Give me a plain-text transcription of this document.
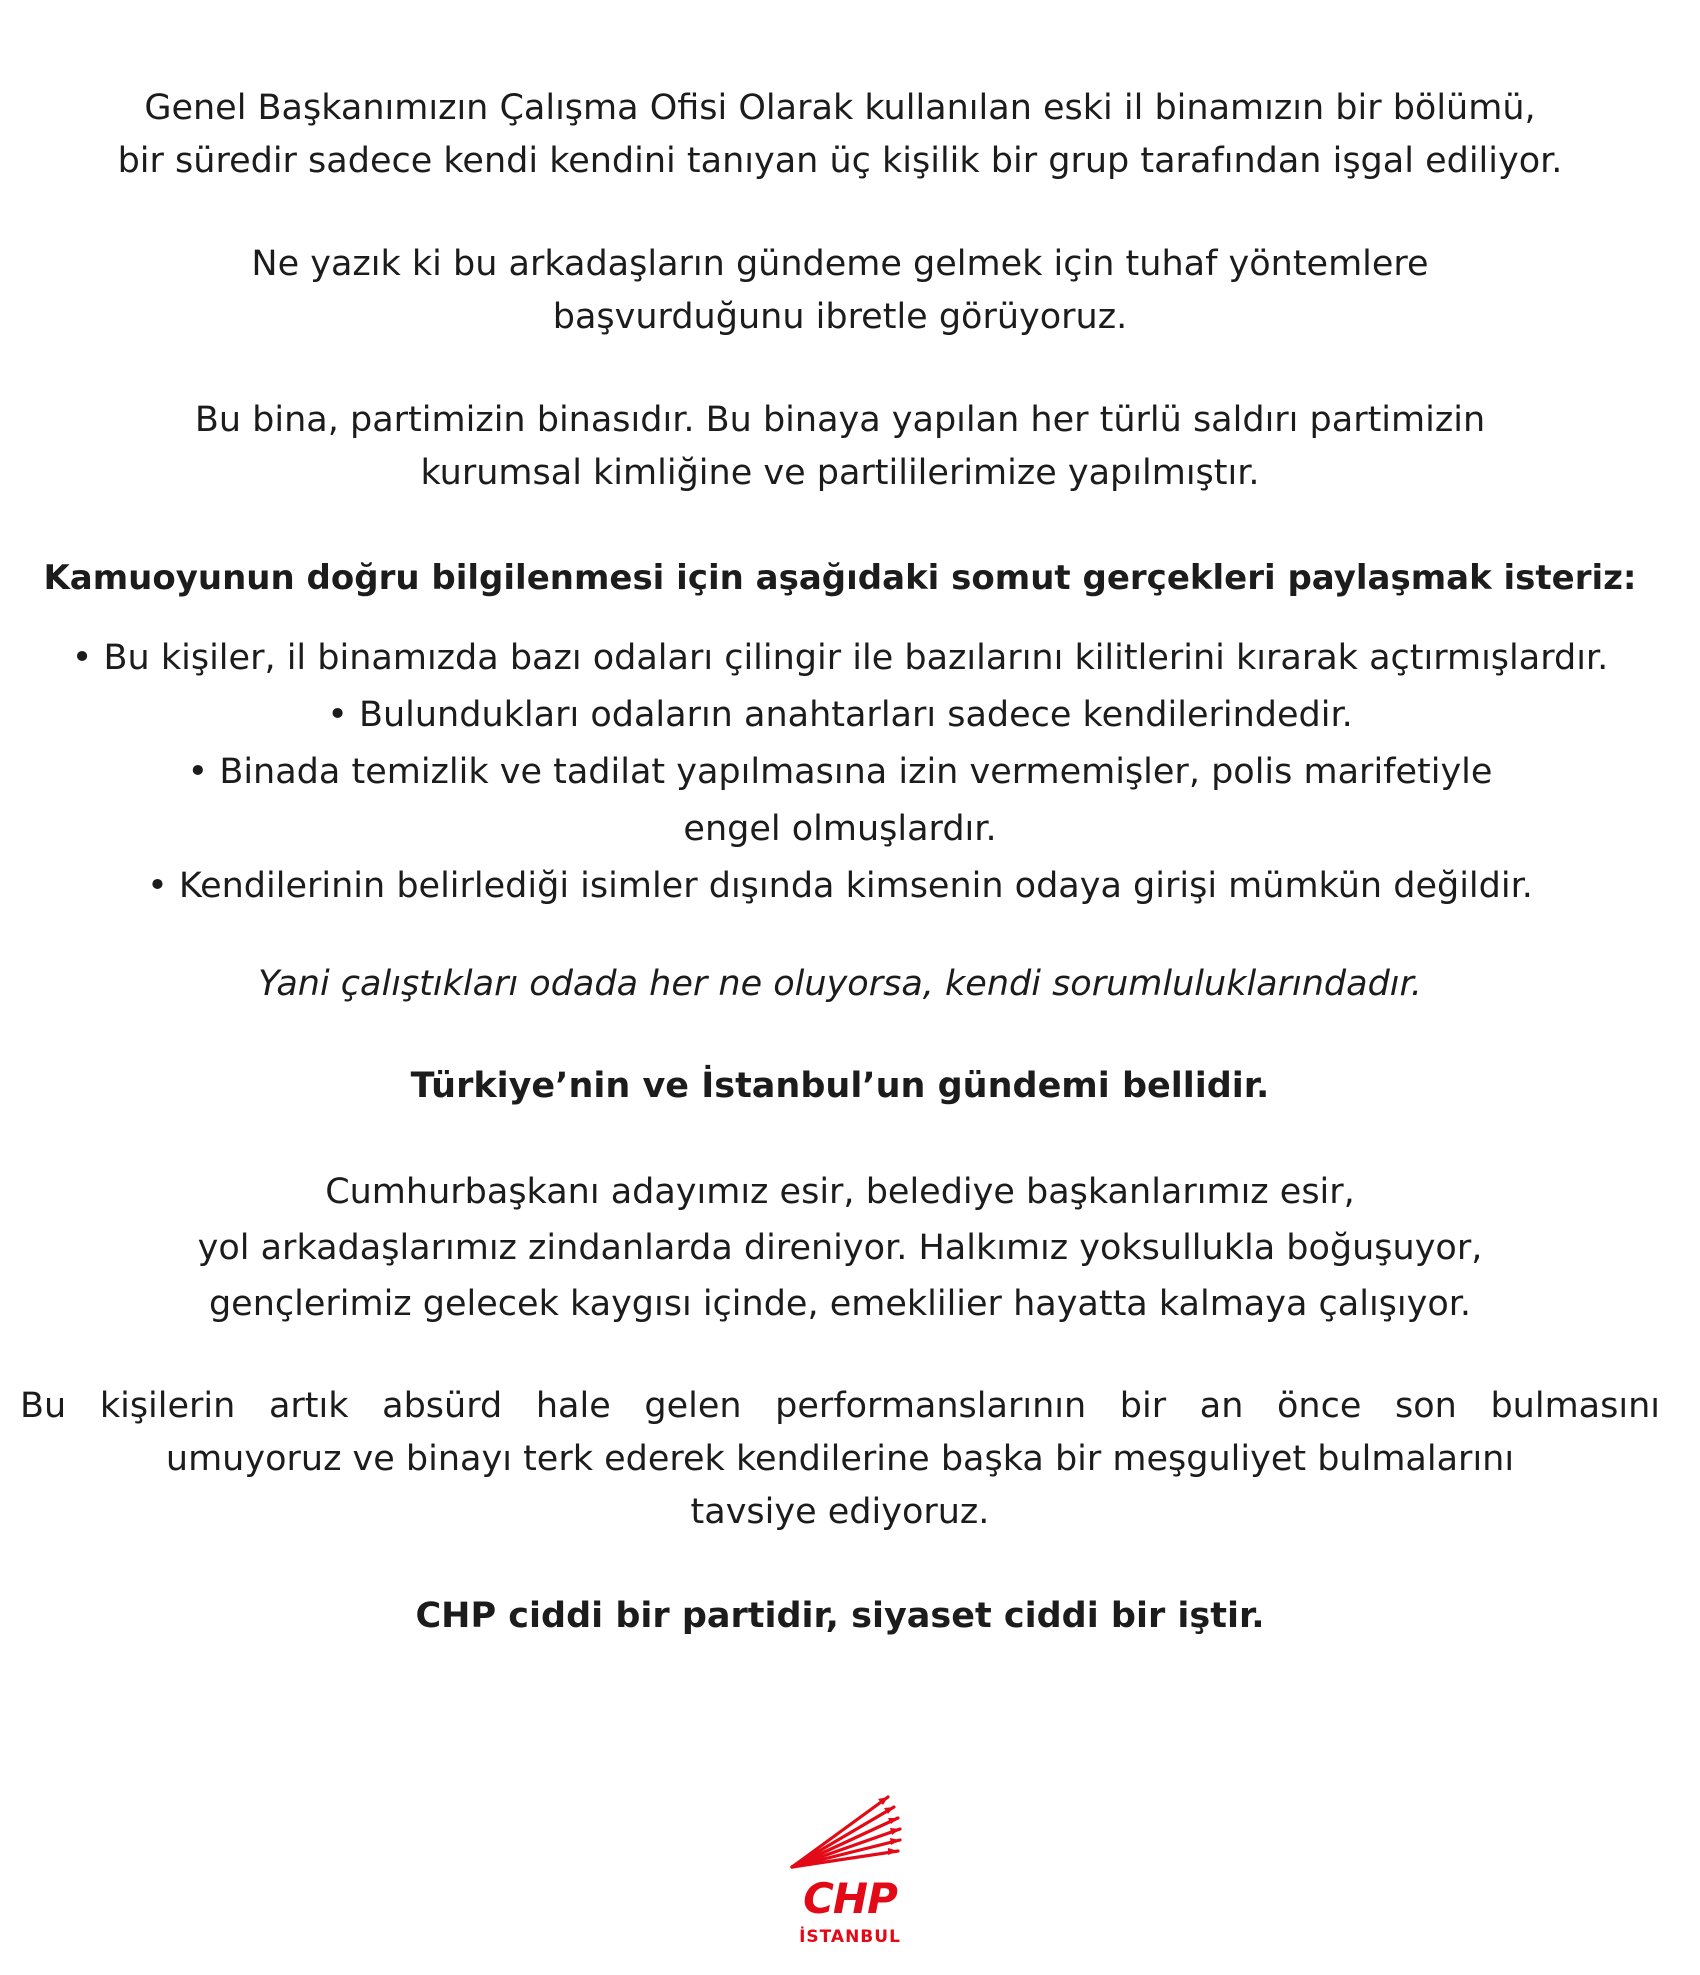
Genel Başkanımızın Çalışma Ofisi Olarak kullanılan eski il binamızın bir bölümü,
bir süredir sadece kendi kendini tanıyan üç kişilik bir grup tarafından işgal ediliyor.
Ne yazık ki bu arkadaşların gündeme gelmek için tuhaf yöntemlere
başvurduğunu ibretle görüyoruz.
Bu bina, partimizin binasıdır. Bu binaya yapılan her türlü saldırı partimizin
kurumsal kimliğine ve partililerimize yapılmıştır.
Kamuoyunun doğru bilgilenmesi için aşağıdaki somut gerçekleri paylaşmak isteriz:
• Bu kişiler, il binamızda bazı odaları çilingir ile bazılarını kilitlerini kırarak açtırmışlardır.
• Bulundukları odaların anahtarları sadece kendilerindedir.
• Binada temizlik ve tadilat yapılmasına izin vermemişler, polis marifetiyle
engel olmuşlardır.
• Kendilerinin belirlediği isimler dışında kimsenin odaya girişi mümkün değildir.
Yani çalıştıkları odada her ne oluyorsa, kendi sorumluluklarındadır.
Türkiye’nin ve İstanbul’un gündemi bellidir.
Cumhurbaşkanı adayımız esir, belediye başkanlarımız esir,
yol arkadaşlarımız zindanlarda direniyor. Halkımız yoksullukla boğuşuyor,
gençlerimiz gelecek kaygısı içinde, emeklilier hayatta kalmaya çalışıyor.
Bu kişilerin artık absürd hale gelen performanslarının bir an önce son bulmasını
umuyoruz ve binayı terk ederek kendilerine başka bir meşguliyet bulmalarını
tavsiye ediyoruz.
CHP ciddi bir partidir, siyaset ciddi bir iştir.
CHP
İSTANBUL
